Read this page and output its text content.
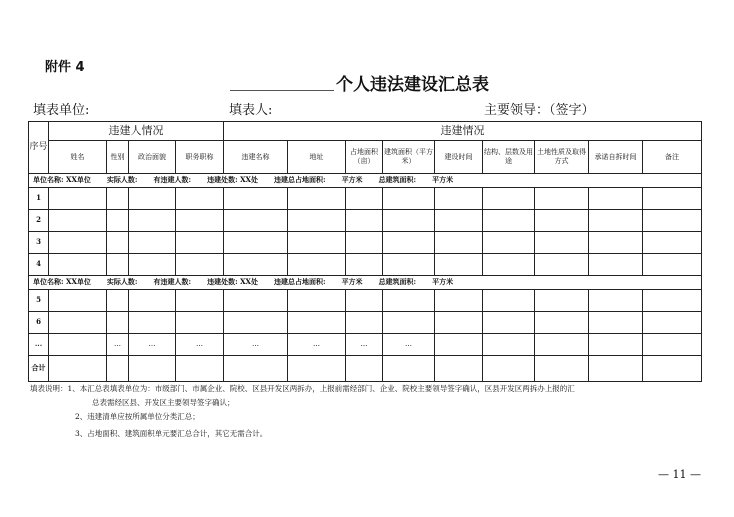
附件 4
个人违法建设汇总表
填表单位:	填表人:	主要领导：（签字）
序号	违建人情况				违建情况								
	姓名	性别	政治面貌	职务职称	违建名称	地址	占地面积（亩）	建筑面积（平方米）	建设时间	结构、层数及用途	土地性质及取得方式	承诺自拆时间	备注
单位名称: XX单位 实际人数: 有违建人数: 违建处数: XX处 违建总占地面积: 平方米 总建筑面积: 平方米													
1													
2													
3													
4													
单位名称: XX单位 实际人数: 有违建人数: 违建处数: XX处 违建总占地面积: 平方米 总建筑面积: 平方米													
5													
6													
...		…	…	…	…	…	…	…					
合计													
填表说明：1、本汇总表填表单位为：市级部门、市属企业、院校、区县开发区两拆办，上报前需经部门、企业、院校主要领导签字确认，区县开发区两拆办上报的汇
总表需经区县、开发区主要领导签字确认；
2、违建清单应按所属单位分类汇总；
3、占地面积、建筑面积单元要汇总合计，其它无需合计。
— 11 —
